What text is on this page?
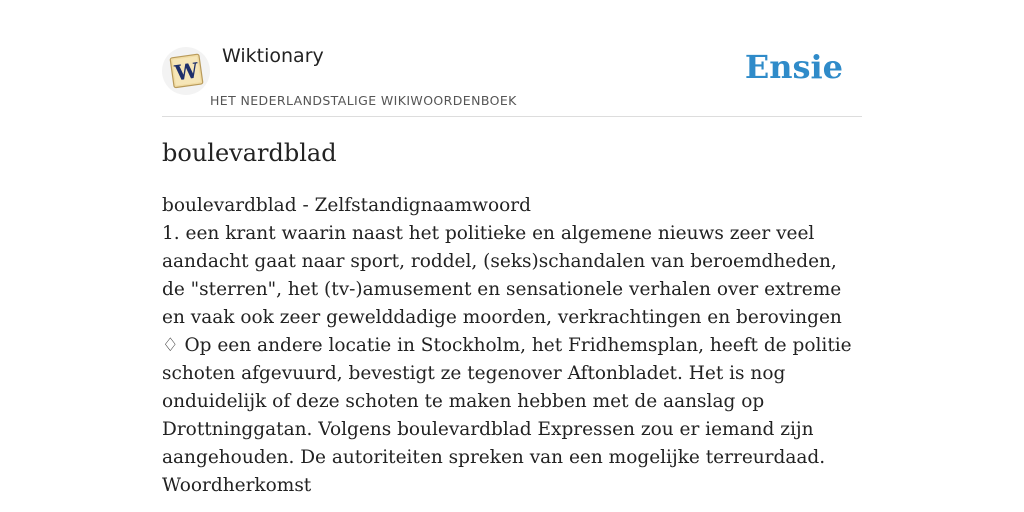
W
Wiktionary
HET NEDERLANDSTALIGE WIKIWOORDENBOEK
Ensie
boulevardblad

boulevardblad - Zelfstandignaamwoord

1. een krant waarin naast het politieke en algemene nieuws zeer veel aandacht gaat naar sport, roddel, (seks)schandalen van beroemdheden, de "sterren", het (tv-)amusement en sensationele verhalen over extreme en vaak ook zeer gewelddadige moorden, verkrachtingen en berovingen

♢ Op een andere locatie in Stockholm, het Fridhemsplan, heeft de politie schoten afgevuurd, bevestigt ze tegenover Aftonbladet. Het is nog onduidelijk of deze schoten te maken hebben met de aanslag op Drottninggatan. Volgens boulevardblad Expressen zou er iemand zijn aangehouden. De autoriteiten spreken van een mogelijke terreurdaad.

Woordherkomst
